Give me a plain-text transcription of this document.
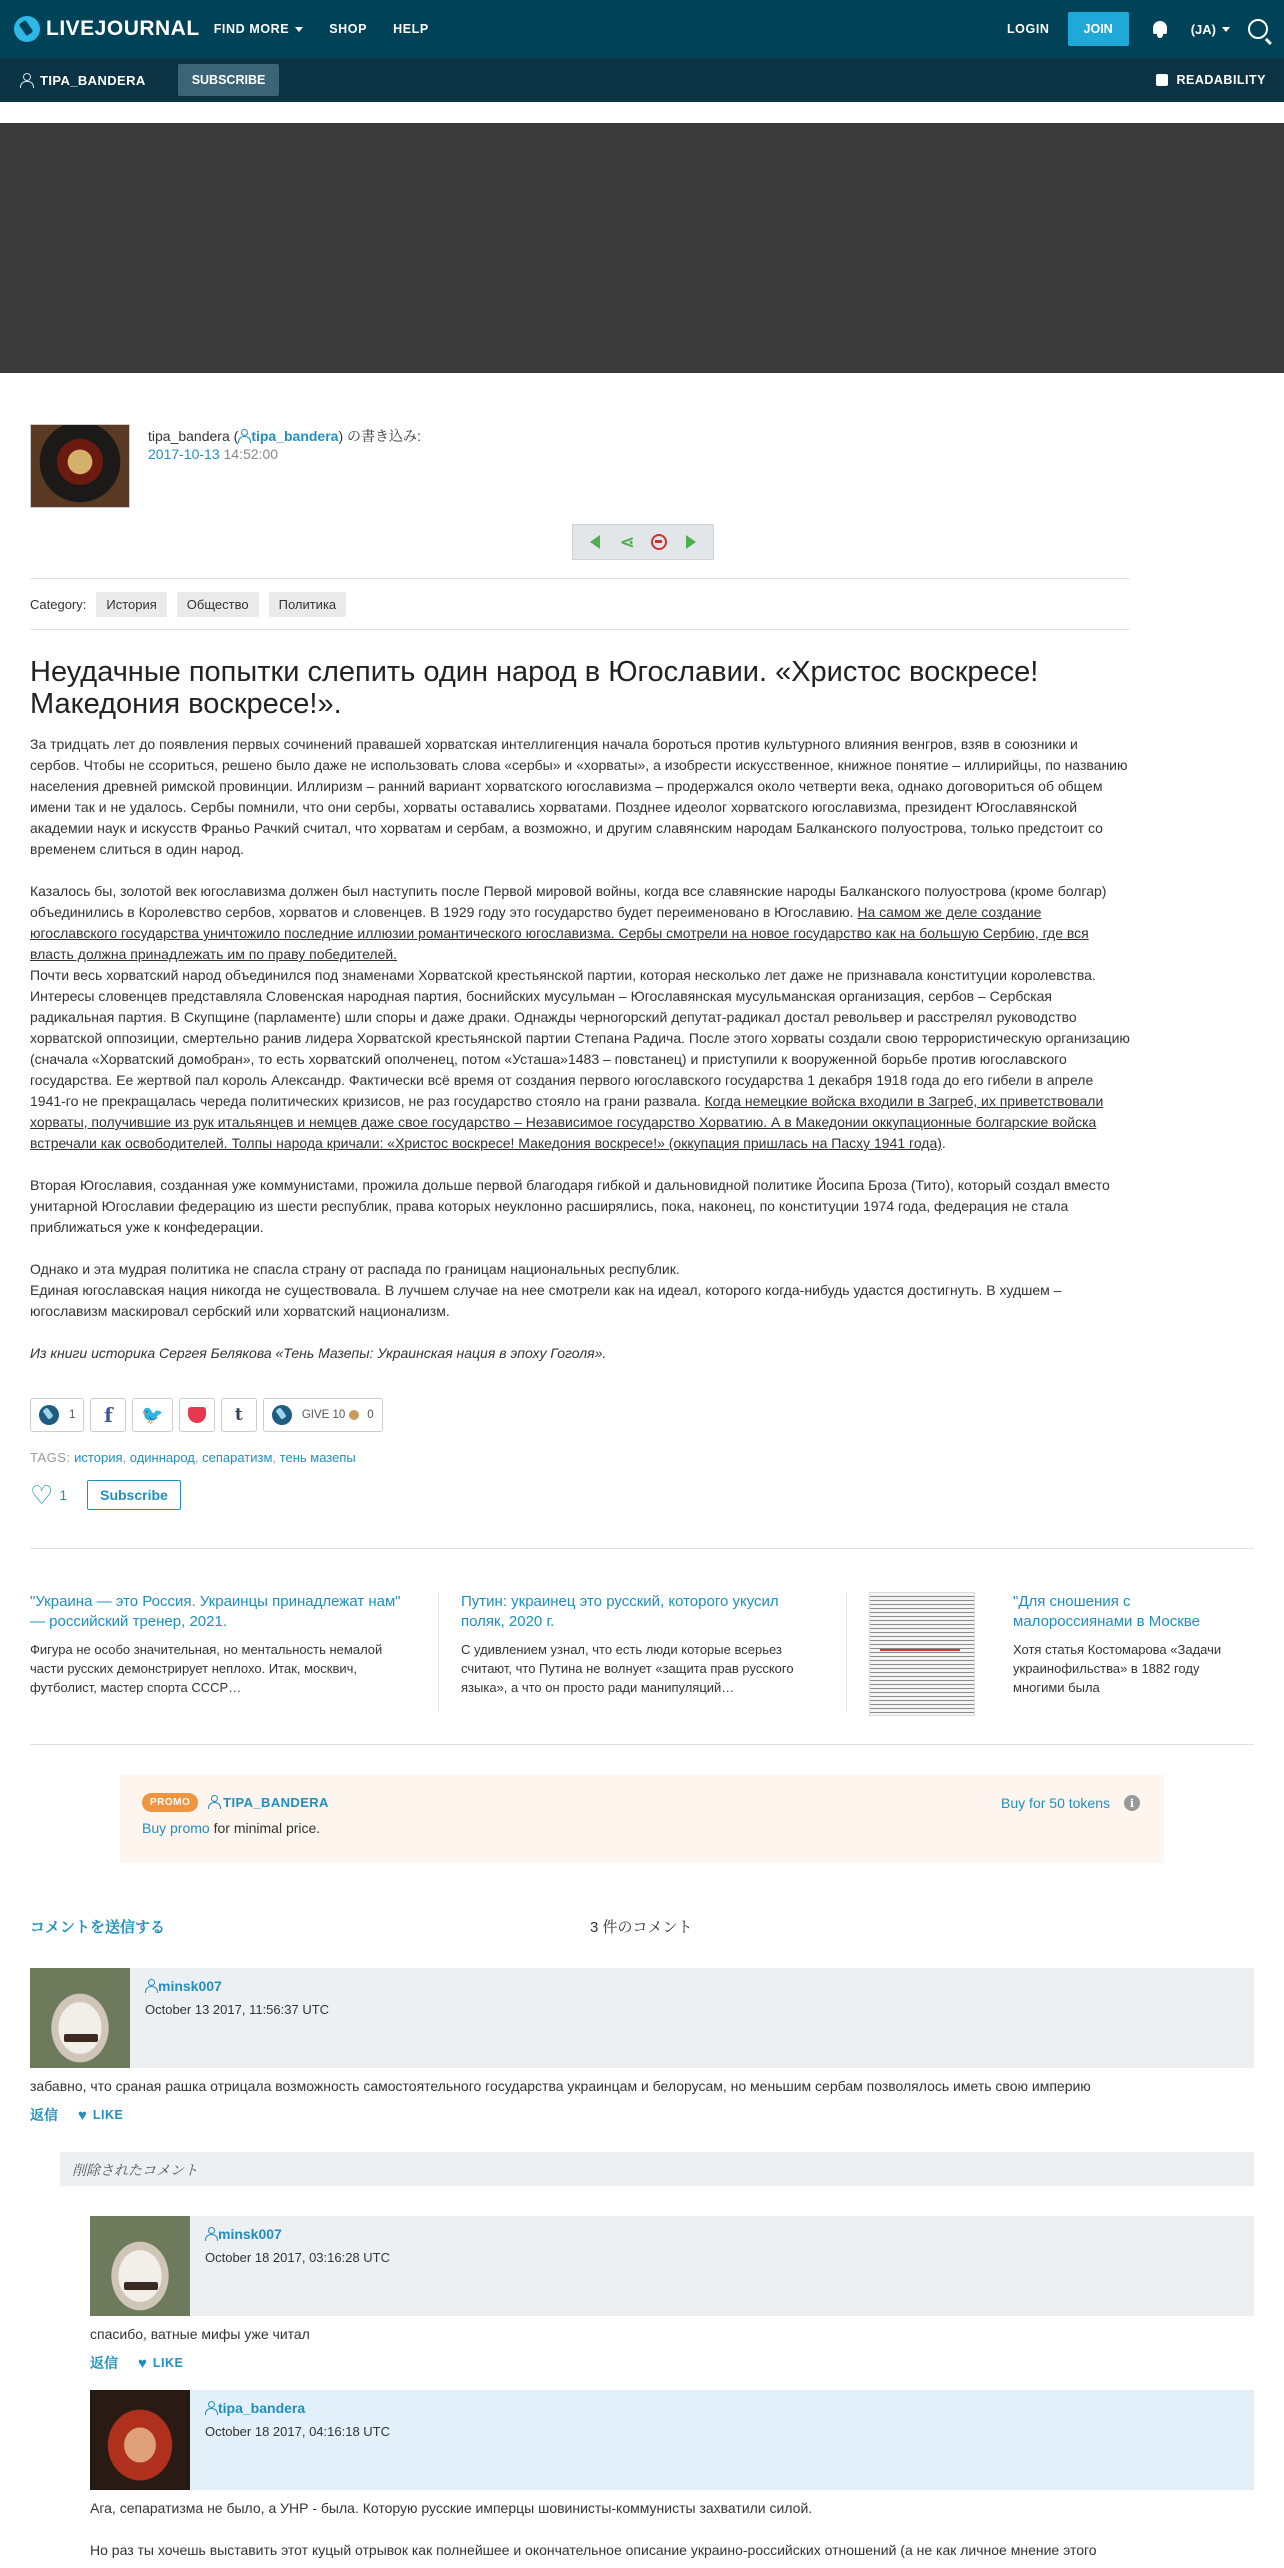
LIVEJOURNAL FIND MORE	SHOP HELP	LOGIN	JOIN	(JA)
TIPA_BANDERA	SUBSCRIBE	READABILITY
tipa_bandera ( tipa_bandera) の書き込み:
2017-10-13 14:52:00
⋖
Category:	История	Общество	Политика
Неудачные попытки слепить один народ в Югославии. «Христос воскресе! Македония воскресе!».

За тридцать лет до появления первых сочинений правашей хорватская интеллигенция начала бороться против культурного влияния венгров, взяв в союзники и сербов. Чтобы не ссориться, решено было даже не использовать слова «сербы» и «хорваты», а изобрести искусственное, книжное понятие – иллирийцы, по названию населения древней римской провинции. Иллиризм – ранний вариант хорватского югославизма – продержался около четверти века, однако договориться об общем имени так и не удалось. Сербы помнили, что они сербы, хорваты оставались хорватами. Позднее идеолог хорватского югославизма, президент Югославянской академии наук и искусств Франьо Рачкий считал, что хорватам и сербам, а возможно, и другим славянским народам Балканского полуострова, только предстоит со временем слиться в один народ.

Казалось бы, золотой век югославизма должен был наступить после Первой мировой войны, когда все славянские народы Балканского полуострова (кроме болгар) объединились в Королевство сербов, хорватов и словенцев. В 1929 году это государство будет переименовано в Югославию. На самом же деле создание югославского государства уничтожило последние иллюзии романтического югославизма. Сербы смотрели на новое государство как на большую Сербию, где вся власть должна принадлежать им по праву победителей.

Почти весь хорватский народ объединился под знаменами Хорватской крестьянской партии, которая несколько лет даже не признавала конституции королевства. Интересы словенцев представляла Словенская народная партия, боснийских мусульман – Югославянская мусульманская организация, сербов – Сербская радикальная партия. В Скупщине (парламенте) шли споры и даже драки. Однажды черногорский депутат-радикал достал револьвер и расстрелял руководство хорватской оппозиции, смертельно ранив лидера Хорватской крестьянской партии Степана Радича. После этого хорваты создали свою террористическую организацию (сначала «Хорватский домобран», то есть хорватский ополченец, потом «Усташа»1483 – повстанец) и приступили к вооруженной борьбе против югославского государства. Ее жертвой пал король Александр. Фактически всё время от создания первого югославского государства 1 декабря 1918 года до его гибели в апреле 1941-го не прекращалась череда политических кризисов, не раз государство стояло на грани развала. Когда немецкие войска входили в Загреб, их приветствовали хорваты, получившие из рук итальянцев и немцев даже свое государство – Независимое государство Хорватию. А в Македонии оккупационные болгарские войска встречали как освободителей. Толпы народа кричали: «Христос воскресе! Македония воскресе!» (оккупация пришлась на Пасху 1941 года).

Вторая Югославия, созданная уже коммунистами, прожила дольше первой благодаря гибкой и дальновидной политике Йосипа Броза (Тито), который создал вместо унитарной Югославии федерацию из шести республик, права которых неуклонно расширялись, пока, наконец, по конституции 1974 года, федерация не стала приближаться уже к конфедерации.

Однако и эта мудрая политика не спасла страну от распада по границам национальных республик.

Единая югославская нация никогда не существовала. В лучшем случае на нее смотрели как на идеал, которого когда-нибудь удастся достигнуть. В худшем – югославизм маскировал сербский или хорватский национализм.

Из книги историка Сергея Белякова «Тень Мазепы: Украинская нация в эпоху Гоголя».

1 f 🐦	t	GIVE 10 0
TAGS: история, одиннарод, сепаратизм, тень мазепы
♡ 1	Subscribe
"Украина — это Россия. Украинцы принадлежат нам" — российский тренер, 2021.
Фигура не особо значительная, но ментальность немалой части русских демонстрирует неплохо. Итак, москвич, футболист, мастер спорта СССР…
Путин: украинец это русский, которого укусил поляк, 2020 г.
С удивлением узнал, что есть люди которые всерьез считают, что Путина не волнует «защита прав русского языка», а что он просто ради манипуляций…
"Для сношения с малороссиянами в Москве
Хотя статья Костомарова «Задачи украинофильства» в 1882 году многими была
PROMO	TIPA_BANDERA
Buy promo for minimal price.
Buy for 50 tokens	i
コメントを送信する	3 件のコメント
minsk007
October 13 2017, 11:56:37 UTC
забавно, что сраная рашка отрицала возможность самостоятельного государства украинцам и белорусам, но меньшим сербам позволялось иметь свою империю
返信 ♥ LIKE
削除されたコメント
minsk007
October 18 2017, 03:16:28 UTC
спасибо, ватные мифы уже читал
返信 ♥ LIKE
tipa_bandera
October 18 2017, 04:16:18 UTC
Ага, сепаратизма не было, а УНР - была. Которую русские имперцы шовинисты-коммунисты захватили силой.
Но раз ты хочешь выставить этот куцый отрывок как полнейшее и окончательное описание украино-российских отношений (а не как личное мнение этого
